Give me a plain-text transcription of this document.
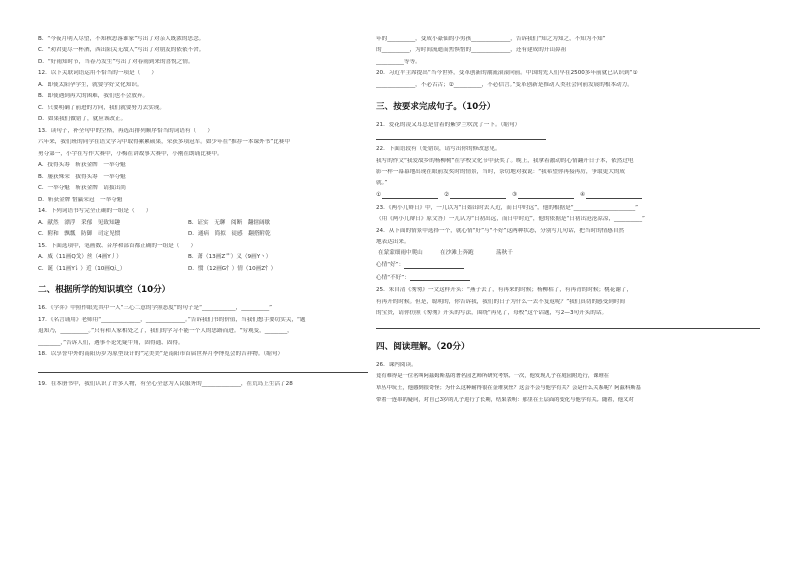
B．“今夜月明人尽望，不知秋思落谁家”写出了对亲人既浓的思念。
C．“劝君更尽一杯酒，西出阳关无故人”写出了对朋友的依依不舍。
D．“好雨知时节，当春乃发生”写出了对春雨到来的喜悦之情。
12．以下关联词语运用不恰当的一项是（　　）
A．即使太阳孕学生，就要学好文化知识。
B．即使遇到再大的困难，我们也不会放弃。
C．只要明确了前进的方向，我们就要努力去实现。
D．如果我们做错了，就应该改正。
13．读句子，补全句中的空格，再选出排列顺序恰当的词语有（　　）
六年来，我们班的同学在语文学习中取得累累硕果，荣获多项冠军。如少年在“推荐一本课外书”比赛中
勇夺第一，小宇在写作大赛中，小梅在讲故事大赛中，小刚在朗诵比赛中。
A．技得头筹　斩获金牌　一举夺魁
B．屡获殊荣　拔得头筹　一举夺魁
C．一举夺魁　斩获金牌　请拔出尚
D．斩获金牌 惜赢荣冠　一举夺魁
14．下列词语书写完全正确的一组是（　　）
A．献然　漂浮　采郁　见致知趣	B．证实　无聊　阅断　翻辖阔歇
C．附和　飘瓢　防御　司定见惯	D．通病　简拟　徒感　翻搭附乾
15．下面选项中，笔画数、音序和部首都正确的一组是（　　）
A．威（11画Q戈）丝（4画Y丿）	B．萧（13画Z艹）义（9画Y丶）
C．诞（11画Y讠）近（10画Q辶）	D．惯（12画G忄）情（10画Z忄）
二、根据所学的知识填空（10分）
16．《学弈》中照作眼先其中一人“三心二意的学照态度”的句子是“____________，__________”
17．《名言诵用》老师用“______________，______________。”告诉我们书的价值，当我们想手要切实关，“题
退知乃，__________。”只有和人家相处之了，我们的学习不能一个人的思路而进。“穷观变，________，
________，”告诉人们，遇事不论先疑牛角，固得通、固得。
18．以享誉中外的南阳历岁为原型设计的“完美美”是南阳市首届世界月季博览会的吉祥物。（缩句）
19．在本册书中，我们认识了许多人物，有全心全意为人民服务的______________，在荒岛上生活了28
年的__________，变成小豪仙的小男孩______________，告诉我们“知之为知之，不知为不知”
的__________，为时间流逝而焦惧惜的______________，还有建成的开山鼻祖
__________等等。
20．习近平主席提出“当今世界，变革创新的潮流滚滚向前。中国的先人们早在2500多年前就已认识到“①
______________，不必古古；②__________，不必信言。”变革创新是推动人类社会向前发展的根本动力。
三、按要求完成句子。（10分）
21．爱花的凌又耳总是冒着的紫罗兰吹洗了一下。（缩句）
22．下面语段有（处错误，请写出你的修改意见。
我写的作文“我爱故乡的杨柳树”在学校文化节中获奖了。晚上，我拿着激动的心情翻开日子本，依然过电
影一样一幕幕地出现在眼前发奖时的情景，当时，奈切地对我说：“我希望你再接再厉，争取更大的成
就。”
①	②	③	④
23．《两小儿辩日》中，一儿以为“日始出时去人近，而日中时远”，他的根据是“______________________”
（用《两小儿辩日》原文答）一儿认为“日初出远，而日中时近”，他的依据是“日初出沧沧凉凉，__________”
24．从下面的情景中选择一个，就心情“好”与“不好”这两种状态，分别写几句话，把当时的情感自然
地表达出来。
在蒙蒙细雨中爬山	在沙滩上奔跑	荡秋千
心情“好”：
心情“不好”：
25．朱自清《匆匆》一文这样开头：“燕子去了，有再来的时候；杨柳枯了，有再青的时候；桃花谢了，
有再开的时候。但是，聪明的，你告诉我，我们的日子为什么一去不复返呢？”我们真切的感受到时间
的宝贵，请你仿照《匆匆》开头的写法，围绕“再见了，母校”这个话题，写2—3句开头的话。
四、阅读理解。（20分）
26．课内阅读。
竟有难得是一位名叫阿茲姆斯基的著名园艺师所研究考察。一次，他发现儿子在庭园附近行，课堆在
草丛中玩土，他感到很奇怪；为什么这种耐得很在金堆灰丝？这会不会与他学有关？会是什么关系呢？阿茲科斯基
带着一连串的疑问，对自己3岁的儿子进行了长期，结果表明：那里在土层面的变化与他学有关。随着，他又对
